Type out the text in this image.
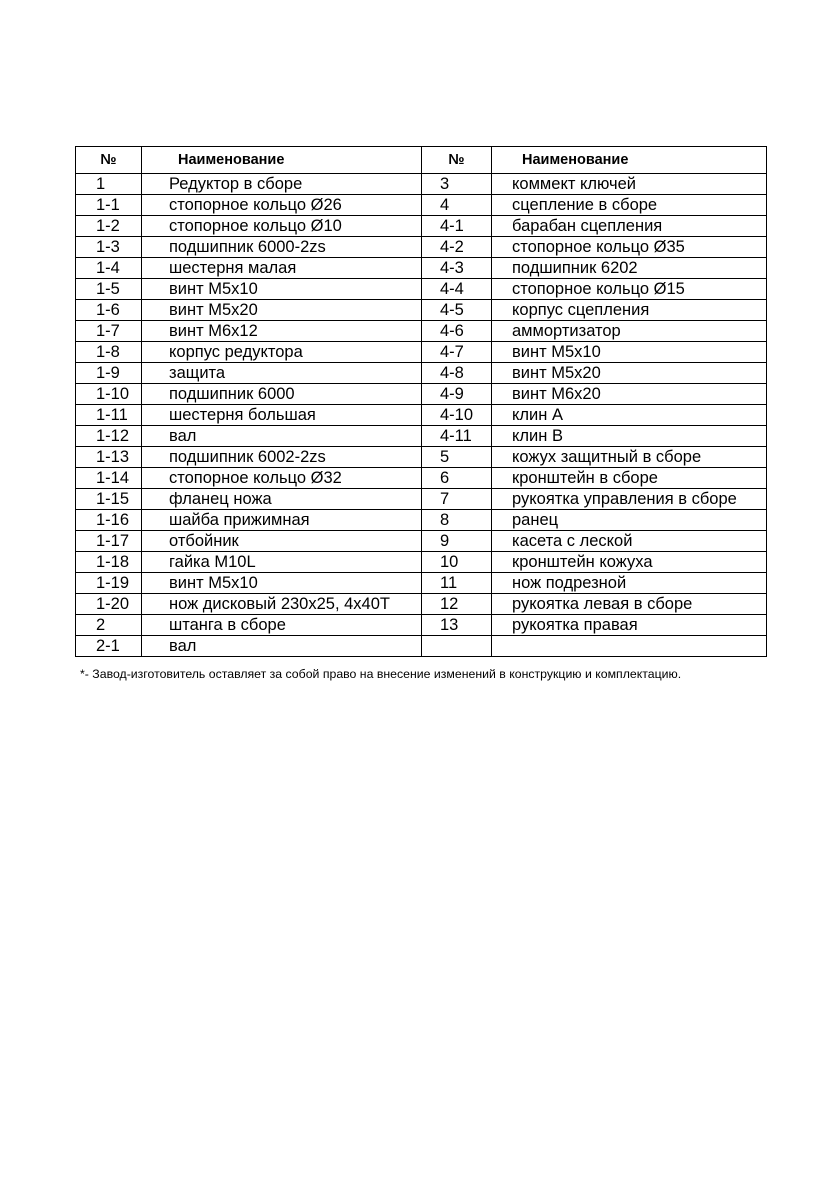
№	Наименование	№	Наименование
1	Редуктор в сборе	3	коммект ключей
1-1	стопорное кольцо Ø26	4	сцепление в сборе
1-2	стопорное кольцо Ø10	4-1	барабан сцепления
1-3	подшипник 6000-2zs	4-2	стопорное кольцо Ø35
1-4	шестерня малая	4-3	подшипник 6202
1-5	винт М5х10	4-4	стопорное кольцо Ø15
1-6	винт М5х20	4-5	корпус сцепления
1-7	винт М6х12	4-6	аммортизатор
1-8	корпус редуктора	4-7	винт М5х10
1-9	защита	4-8	винт М5х20
1-10	подшипник 6000	4-9	винт М6х20
1-11	шестерня большая	4-10	клин А
1-12	вал	4-11	клин В
1-13	подшипник 6002-2zs	5	кожух защитный в сборе
1-14	стопорное кольцо Ø32	6	кронштейн в сборе
1-15	фланец ножа	7	рукоятка управления в сборе
1-16	шайба прижимная	8	ранец
1-17	отбойник	9	касета с леской
1-18	гайка М10L	10	кронштейн кожуха
1-19	винт М5х10	11	нож подрезной
1-20	нож дисковый 230х25, 4х40Т	12	рукоятка левая в сборе
2	штанга в сборе	13	рукоятка правая
2-1	вал		

*- Завод-изготовитель оставляет за собой право на внесение изменений в конструкцию и комплектацию.
